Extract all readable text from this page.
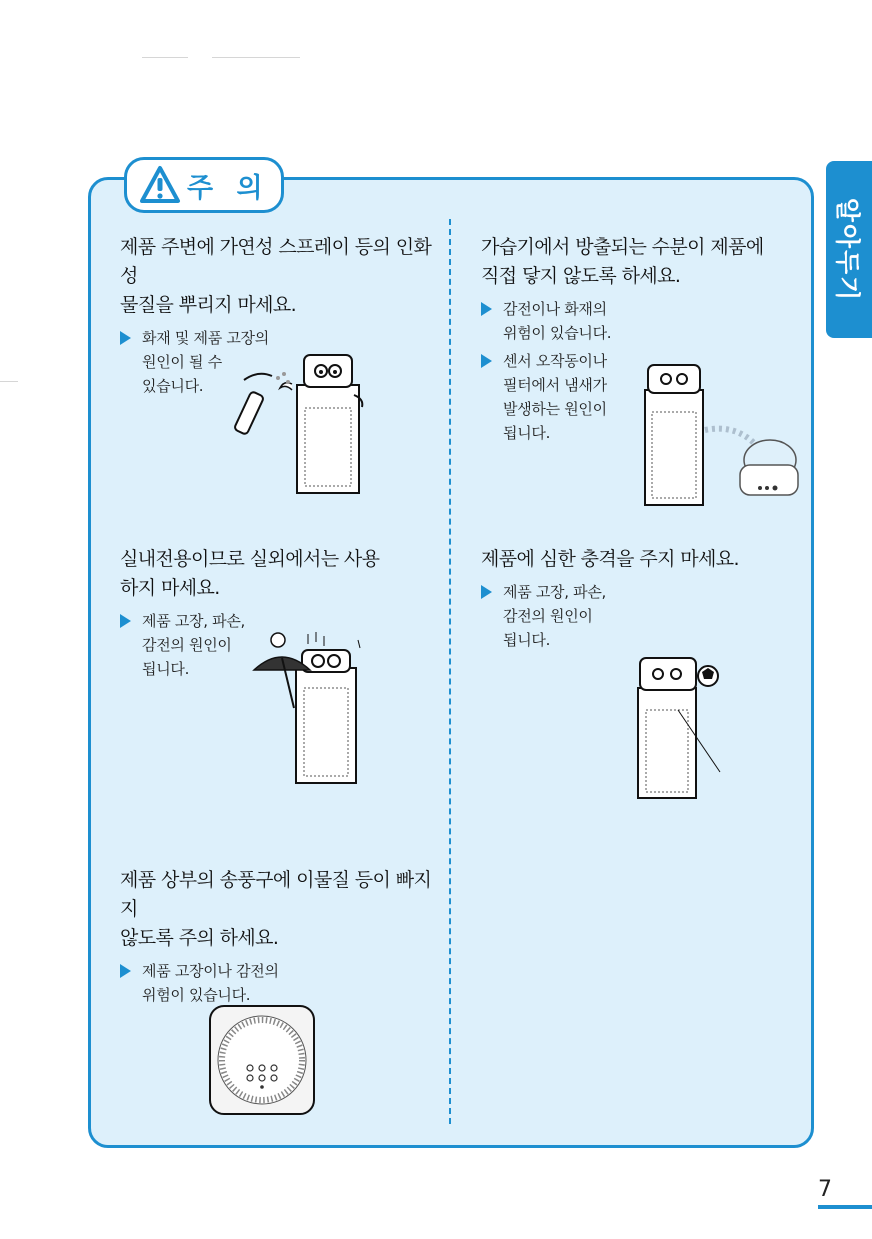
알아두기
주 의
제품 주변에 가연성 스프레이 등의 인화성
물질을 뿌리지 마세요.
화재 및 제품 고장의
원인이 될 수
있습니다.
가습기에서 방출되는 수분이 제품에
직접 닿지 않도록 하세요.
감전이나 화재의
위험이 있습니다.
센서 오작동이나
필터에서 냄새가
발생하는 원인이
됩니다.
실내전용이므로 실외에서는 사용
하지 마세요.
제품 고장, 파손,
감전의 원인이
됩니다.
제품에 심한 충격을 주지 마세요.
제품 고장, 파손,
감전의 원인이
됩니다.
제품 상부의 송풍구에 이물질 등이 빠지지
않도록 주의 하세요.
제품 고장이나 감전의
위험이 있습니다.
7
